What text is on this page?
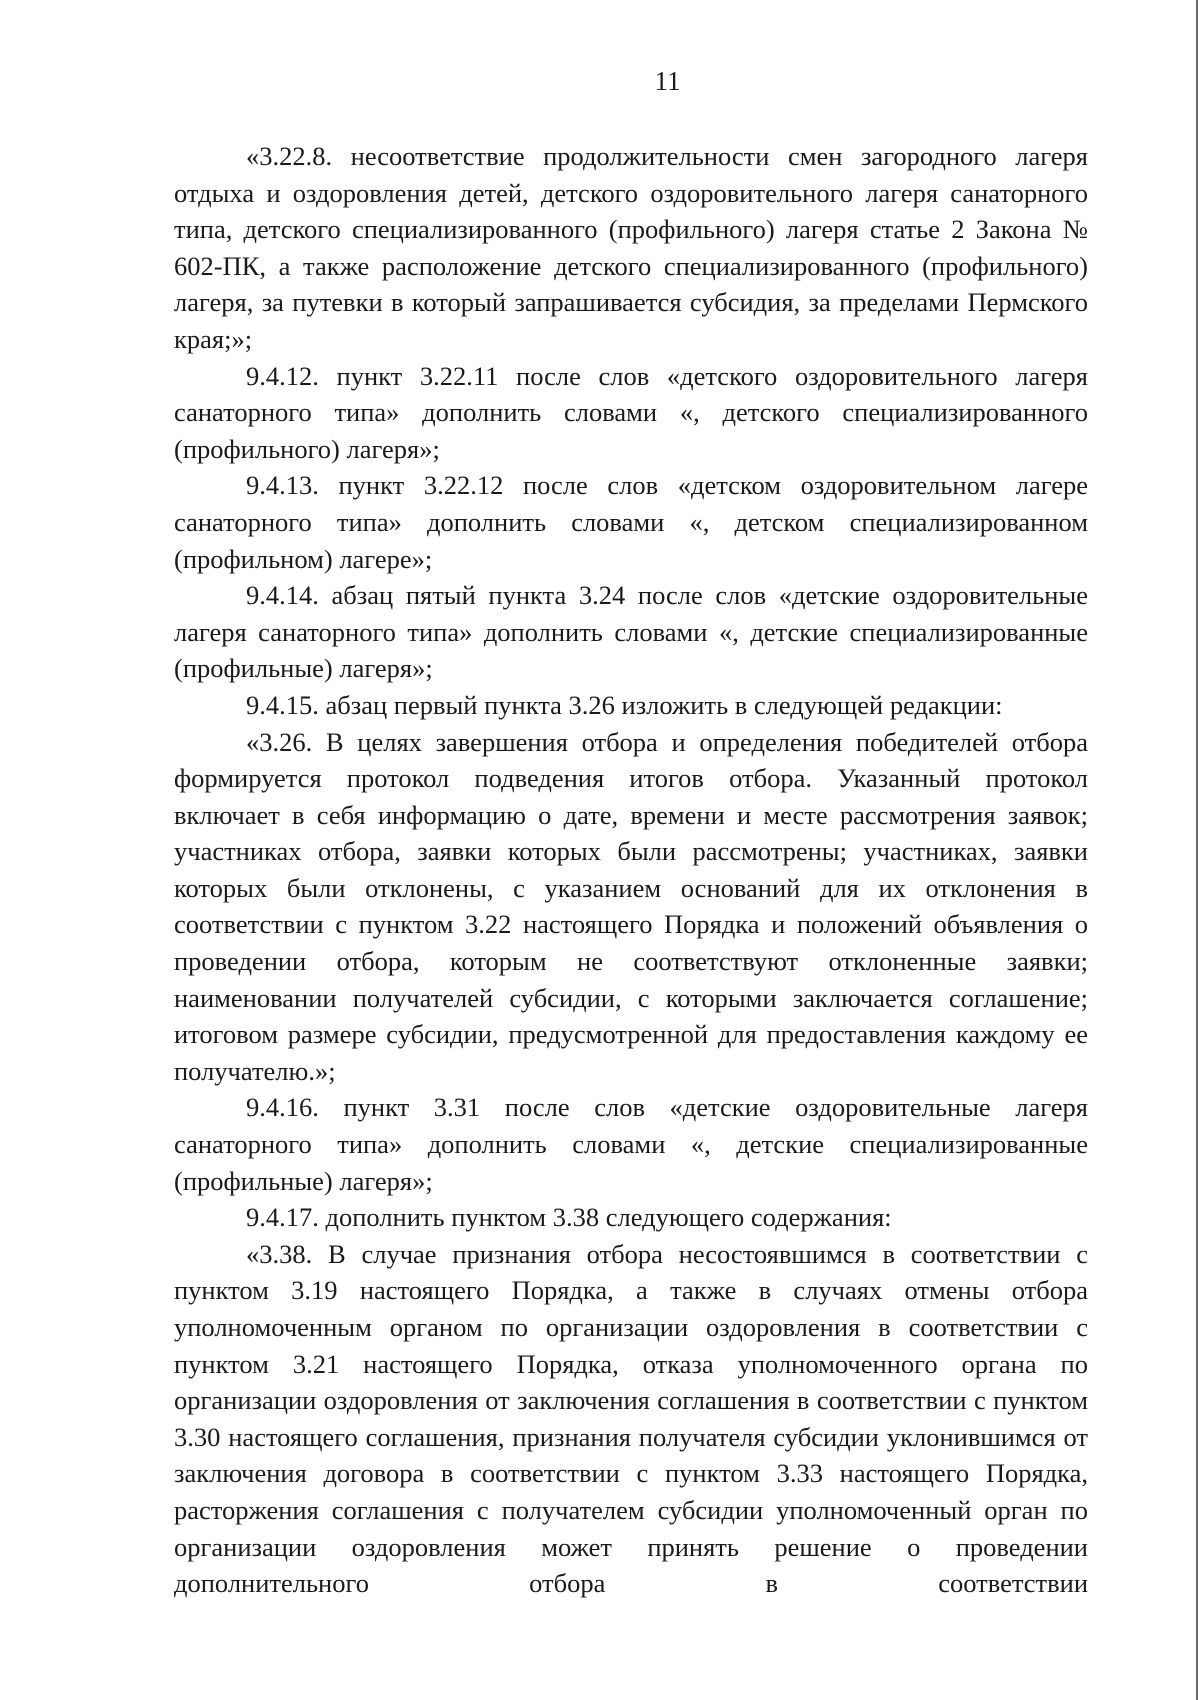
11

«3.22.8. несоответствие продолжительности смен загородного лагеря отдыха и оздоровления детей, детского оздоровительного лагеря санаторного типа, детского специализированного (профильного) лагеря статье 2 Закона № 602-ПК, а также расположение детского специализированного (профильного) лагеря, за путевки в который запрашивается субсидия, за пределами Пермского края;»;

9.4.12. пункт 3.22.11 после слов «детского оздоровительного лагеря санаторного типа» дополнить словами «, детского специализированного (профильного) лагеря»;

9.4.13. пункт 3.22.12 после слов «детском оздоровительном лагере санаторного типа» дополнить словами «, детском специализированном (профильном) лагере»;

9.4.14. абзац пятый пункта 3.24 после слов «детские оздоровительные лагеря санаторного типа» дополнить словами «, детские специализированные (профильные) лагеря»;

9.4.15. абзац первый пункта 3.26 изложить в следующей редакции:

«3.26. В целях завершения отбора и определения победителей отбора формируется протокол подведения итогов отбора. Указанный протокол включает в себя информацию о дате, времени и месте рассмотрения заявок; участниках отбора, заявки которых были рассмотрены; участниках, заявки которых были отклонены, с указанием оснований для их отклонения в соответствии с пунктом 3.22 настоящего Порядка и положений объявления о проведении отбора, которым не соответствуют отклоненные заявки; наименовании получателей субсидии, с которыми заключается соглашение; итоговом размере субсидии, предусмотренной для предоставления каждому ее получателю.»;

9.4.16. пункт 3.31 после слов «детские оздоровительные лагеря санаторного типа» дополнить словами «, детские специализированные (профильные) лагеря»;

9.4.17. дополнить пунктом 3.38 следующего содержания:

«3.38. В случае признания отбора несостоявшимся в соответствии с пунктом 3.19 настоящего Порядка, а также в случаях отмены отбора уполномоченным органом по организации оздоровления в соответствии с пунктом 3.21 настоящего Порядка, отказа уполномоченного органа по организации оздоровления от заключения соглашения в соответствии с пунктом 3.30 настоящего соглашения, признания получателя субсидии уклонившимся от заключения договора в соответствии с пунктом 3.33 настоящего Порядка, расторжения соглашения с получателем субсидии уполномоченный орган по организации оздоровления может принять решение о проведении дополнительного отбора в соответствии
